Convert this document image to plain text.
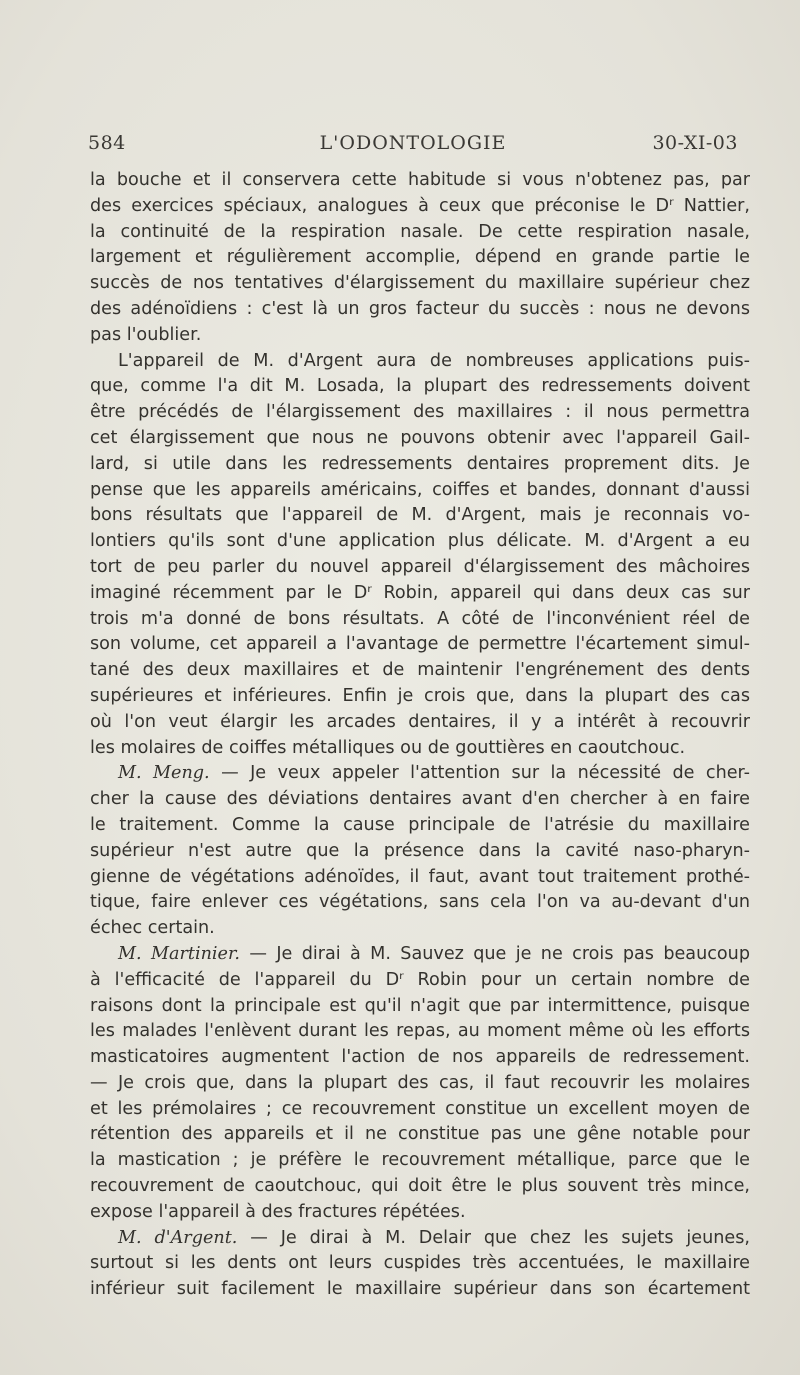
584	L'ODONTOLOGIE	30-XI-03
la bouche et il conservera cette habitude si vous n'obtenez pas, par
des exercices spéciaux, analogues à ceux que préconise le Dʳ Nattier,
la continuité de la respiration nasale. De cette respiration nasale,
largement et régulièrement accomplie, dépend en grande partie le
succès de nos tentatives d'élargissement du maxillaire supérieur chez
des adénoïdiens : c'est là un gros facteur du succès : nous ne devons
pas l'oublier.
L'appareil de M. d'Argent aura de nombreuses applications puis-
que, comme l'a dit M. Losada, la plupart des redressements doivent
être précédés de l'élargissement des maxillaires : il nous permettra
cet élargissement que nous ne pouvons obtenir avec l'appareil Gail-
lard, si utile dans les redressements dentaires proprement dits. Je
pense que les appareils américains, coiffes et bandes, donnant d'aussi
bons résultats que l'appareil de M. d'Argent, mais je reconnais vo-
lontiers qu'ils sont d'une application plus délicate. M. d'Argent a eu
tort de peu parler du nouvel appareil d'élargissement des mâchoires
imaginé récemment par le Dʳ Robin, appareil qui dans deux cas sur
trois m'a donné de bons résultats. A côté de l'inconvénient réel de
son volume, cet appareil a l'avantage de permettre l'écartement simul-
tané des deux maxillaires et de maintenir l'engrénement des dents
supérieures et inférieures. Enfin je crois que, dans la plupart des cas
où l'on veut élargir les arcades dentaires, il y a intérêt à recouvrir
les molaires de coiffes métalliques ou de gouttières en caoutchouc.
M. Meng. — Je veux appeler l'attention sur la nécessité de cher-
cher la cause des déviations dentaires avant d'en chercher à en faire
le traitement. Comme la cause principale de l'atrésie du maxillaire
supérieur n'est autre que la présence dans la cavité naso-pharyn-
gienne de végétations adénoïdes, il faut, avant tout traitement prothé-
tique, faire enlever ces végétations, sans cela l'on va au-devant d'un
échec certain.
M. Martinier. — Je dirai à M. Sauvez que je ne crois pas beaucoup
à l'efficacité de l'appareil du Dʳ Robin pour un certain nombre de
raisons dont la principale est qu'il n'agit que par intermittence, puisque
les malades l'enlèvent durant les repas, au moment même où les efforts
masticatoires augmentent l'action de nos appareils de redressement.
— Je crois que, dans la plupart des cas, il faut recouvrir les molaires
et les prémolaires ; ce recouvrement constitue un excellent moyen de
rétention des appareils et il ne constitue pas une gêne notable pour
la mastication ; je préfère le recouvrement métallique, parce que le
recouvrement de caoutchouc, qui doit être le plus souvent très mince,
expose l'appareil à des fractures répétées.
M. d'Argent. — Je dirai à M. Delair que chez les sujets jeunes,
surtout si les dents ont leurs cuspides très accentuées, le maxillaire
inférieur suit facilement le maxillaire supérieur dans son écartement
